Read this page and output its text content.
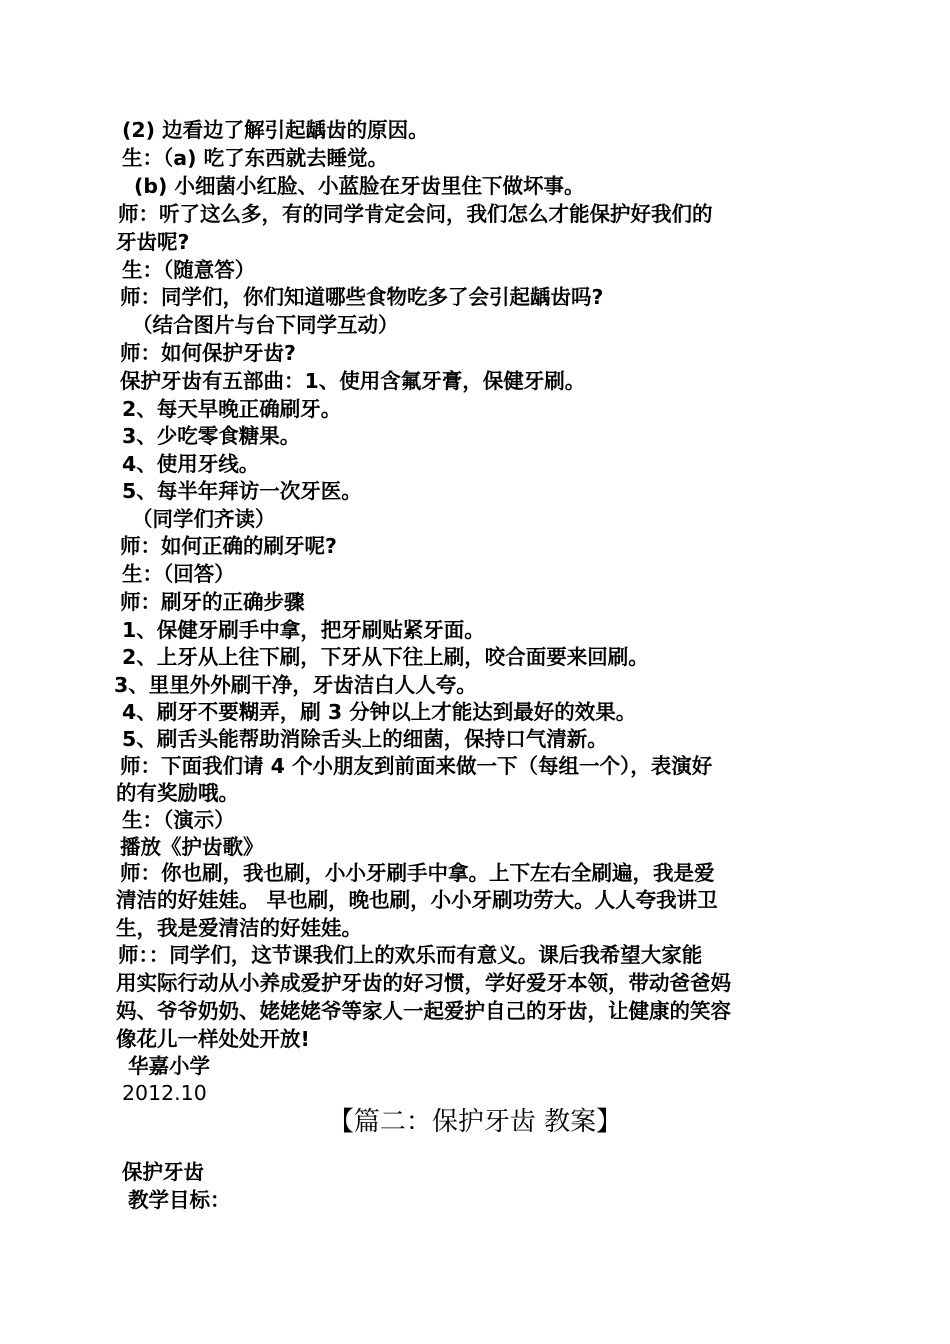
(2) 边看边了解引起龋齿的原因。
生：（a) 吃了东西就去睡觉。
(b) 小细菌小红脸、小蓝脸在牙齿里住下做坏事。
师：听了这么多，有的同学肯定会问，我们怎么才能保护好我们的
牙齿呢?
生：（随意答）
师：同学们，你们知道哪些食物吃多了会引起龋齿吗?
（结合图片与台下同学互动）
师：如何保护牙齿?
保护牙齿有五部曲：1、使用含氟牙膏，保健牙刷。
2、每天早晚正确刷牙。
3、少吃零食糖果。
4、使用牙线。
5、每半年拜访一次牙医。
（同学们齐读）
师：如何正确的刷牙呢?
生：（回答）
师：刷牙的正确步骤
1、保健牙刷手中拿，把牙刷贴紧牙面。
2、上牙从上往下刷，下牙从下往上刷，咬合面要来回刷。
3、里里外外刷干净，牙齿洁白人人夸。
4、刷牙不要糊弄，刷 3 分钟以上才能达到最好的效果。
5、刷舌头能帮助消除舌头上的细菌，保持口气清新。
师：下面我们请 4 个小朋友到前面来做一下（每组一个），表演好
的有奖励哦。
生：（演示）
播放《护齿歌》
师：你也刷，我也刷，小小牙刷手中拿。上下左右全刷遍，我是爱
清洁的好娃娃。 早也刷，晚也刷，小小牙刷功劳大。人人夸我讲卫
生，我是爱清洁的好娃娃。
师：：同学们，这节课我们上的欢乐而有意义。课后我希望大家能
用实际行动从小养成爱护牙齿的好习惯，学好爱牙本领，带动爸爸妈
妈、爷爷奶奶、姥姥姥爷等家人一起爱护自己的牙齿，让健康的笑容
像花儿一样处处开放!
华嘉小学
2012.10
【篇二：保护牙齿 教案】
保护牙齿
教学目标：
